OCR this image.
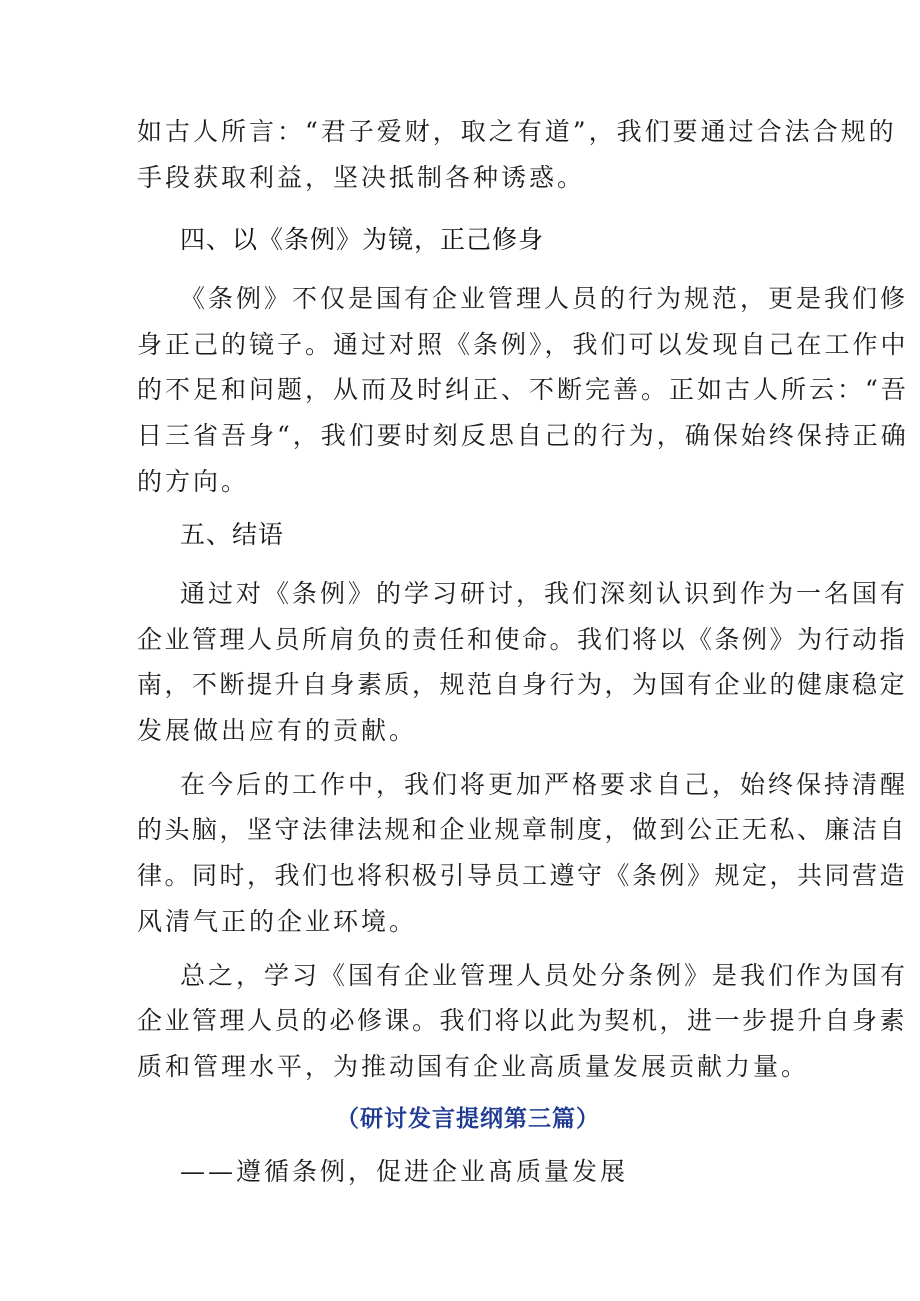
如古人所言：“君子爱财，取之有道”，我们要通过合法合规的
手段获取利益，坚决抵制各种诱惑。
四、以《条例》为镜，正己修身
《条例》不仅是国有企业管理人员的行为规范，更是我们修
身正己的镜子。通过对照《条例》，我们可以发现自己在工作中
的不足和问题，从而及时纠正、不断完善。正如古人所云：“吾
日三省吾身“，我们要时刻反思自己的行为，确保始终保持正确
的方向。
五、结语
通过对《条例》的学习研讨，我们深刻认识到作为一名国有
企业管理人员所肩负的责任和使命。我们将以《条例》为行动指
南，不断提升自身素质，规范自身行为，为国有企业的健康稳定
发展做出应有的贡献。
在今后的工作中，我们将更加严格要求自己，始终保持清醒
的头脑，坚守法律法规和企业规章制度，做到公正无私、廉洁自
律。同时，我们也将积极引导员工遵守《条例》规定，共同营造
风清气正的企业环境。
总之，学习《国有企业管理人员处分条例》是我们作为国有
企业管理人员的必修课。我们将以此为契机，进一步提升自身素
质和管理水平，为推动国有企业高质量发展贡献力量。
（研讨发言提纲第三篇）
——遵循条例，促进企业髙质量发展
